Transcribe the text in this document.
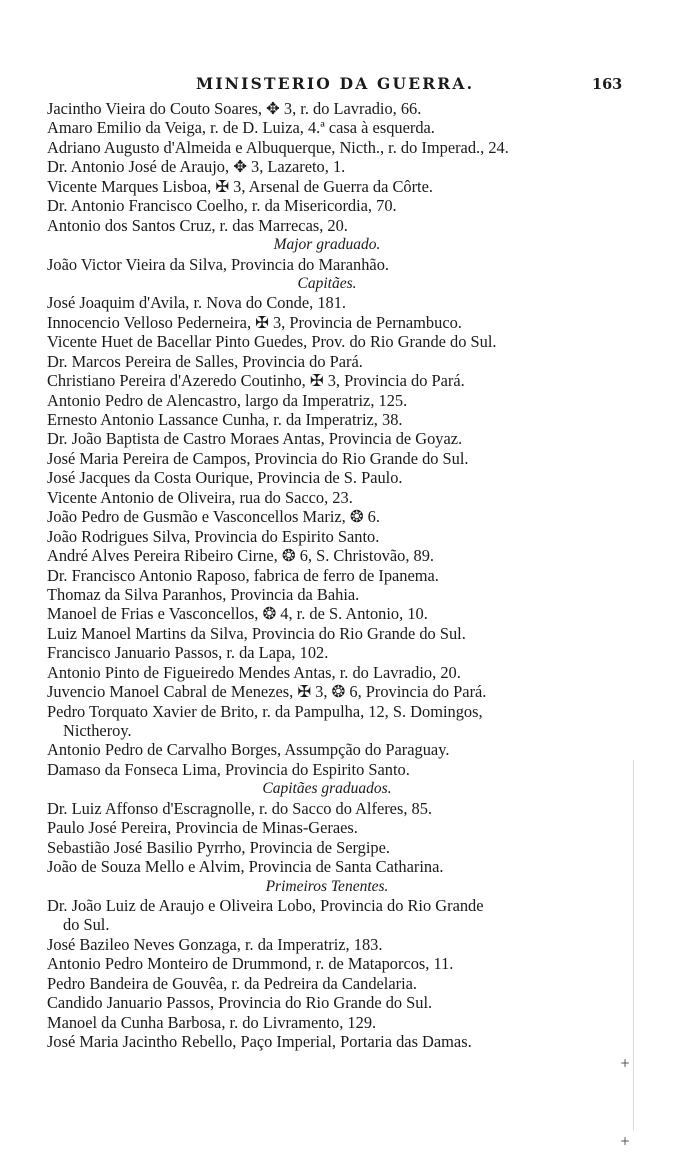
MINISTERIO DA GUERRA.	163
Jacintho Vieira do Couto Soares, ✥ 3, r. do Lavradio, 66.
Amaro Emilio da Veiga, r. de D. Luiza, 4.ª casa à esquerda.
Adriano Augusto d'Almeida e Albuquerque, Nicth., r. do Imperad., 24.
Dr. Antonio José de Araujo, ✥ 3, Lazareto, 1.
Vicente Marques Lisboa, ✠ 3, Arsenal de Guerra da Côrte.
Dr. Antonio Francisco Coelho, r. da Misericordia, 70.
Antonio dos Santos Cruz, r. das Marrecas, 20.
Major graduado.
João Victor Vieira da Silva, Provincia do Maranhão.
Capitães.
José Joaquim d'Avila, r. Nova do Conde, 181.
Innocencio Velloso Pederneira, ✠ 3, Provincia de Pernambuco.
Vicente Huet de Bacellar Pinto Guedes, Prov. do Rio Grande do Sul.
Dr. Marcos Pereira de Salles, Provincia do Pará.
Christiano Pereira d'Azeredo Coutinho, ✠ 3, Provincia do Pará.
Antonio Pedro de Alencastro, largo da Imperatriz, 125.
Ernesto Antonio Lassance Cunha, r. da Imperatriz, 38.
Dr. João Baptista de Castro Moraes Antas, Provincia de Goyaz.
José Maria Pereira de Campos, Provincia do Rio Grande do Sul.
José Jacques da Costa Ourique, Provincia de S. Paulo.
Vicente Antonio de Oliveira, rua do Sacco, 23.
João Pedro de Gusmão e Vasconcellos Mariz, ❂ 6.
João Rodrigues Silva, Provincia do Espirito Santo.
André Alves Pereira Ribeiro Cirne, ❂ 6, S. Christovão, 89.
Dr. Francisco Antonio Raposo, fabrica de ferro de Ipanema.
Thomaz da Silva Paranhos, Provincia da Bahia.
Manoel de Frias e Vasconcellos, ❂ 4, r. de S. Antonio, 10.
Luiz Manoel Martins da Silva, Provincia do Rio Grande do Sul.
Francisco Januario Passos, r. da Lapa, 102.
Antonio Pinto de Figueiredo Mendes Antas, r. do Lavradio, 20.
Juvencio Manoel Cabral de Menezes, ✠ 3, ❂ 6, Provincia do Pará.
Pedro Torquato Xavier de Brito, r. da Pampulha, 12, S. Domingos,
Nictheroy.
Antonio Pedro de Carvalho Borges, Assumpção do Paraguay.
Damaso da Fonseca Lima, Provincia do Espirito Santo.
Capitães graduados.
Dr. Luiz Affonso d'Escragnolle, r. do Sacco do Alferes, 85.
Paulo José Pereira, Provincia de Minas-Geraes.
Sebastião José Basilio Pyrrho, Provincia de Sergipe.
João de Souza Mello e Alvim, Provincia de Santa Catharina.
Primeiros Tenentes.
Dr. João Luiz de Araujo e Oliveira Lobo, Provincia do Rio Grande
do Sul.
José Bazileo Neves Gonzaga, r. da Imperatriz, 183.
Antonio Pedro Monteiro de Drummond, r. de Mataporcos, 11.
Pedro Bandeira de Gouvêa, r. da Pedreira da Candelaria.
Candido Januario Passos, Provincia do Rio Grande do Sul.
Manoel da Cunha Barbosa, r. do Livramento, 129.
José Maria Jacintho Rebello, Paço Imperial, Portaria das Damas.
+
+
